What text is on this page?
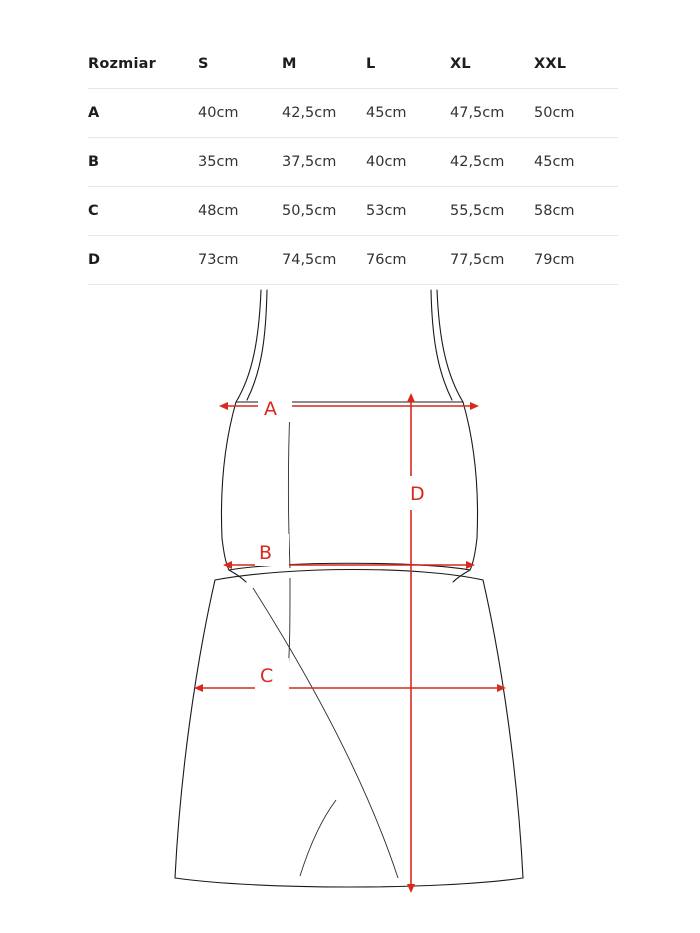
Rozmiar	S	M	L	XL	XXL
A	40cm	42,5cm	45cm	47,5cm	50cm
B	35cm	37,5cm	40cm	42,5cm	45cm
C	48cm	50,5cm	53cm	55,5cm	58cm
D	73cm	74,5cm	76cm	77,5cm	79cm
A
B
C
D
